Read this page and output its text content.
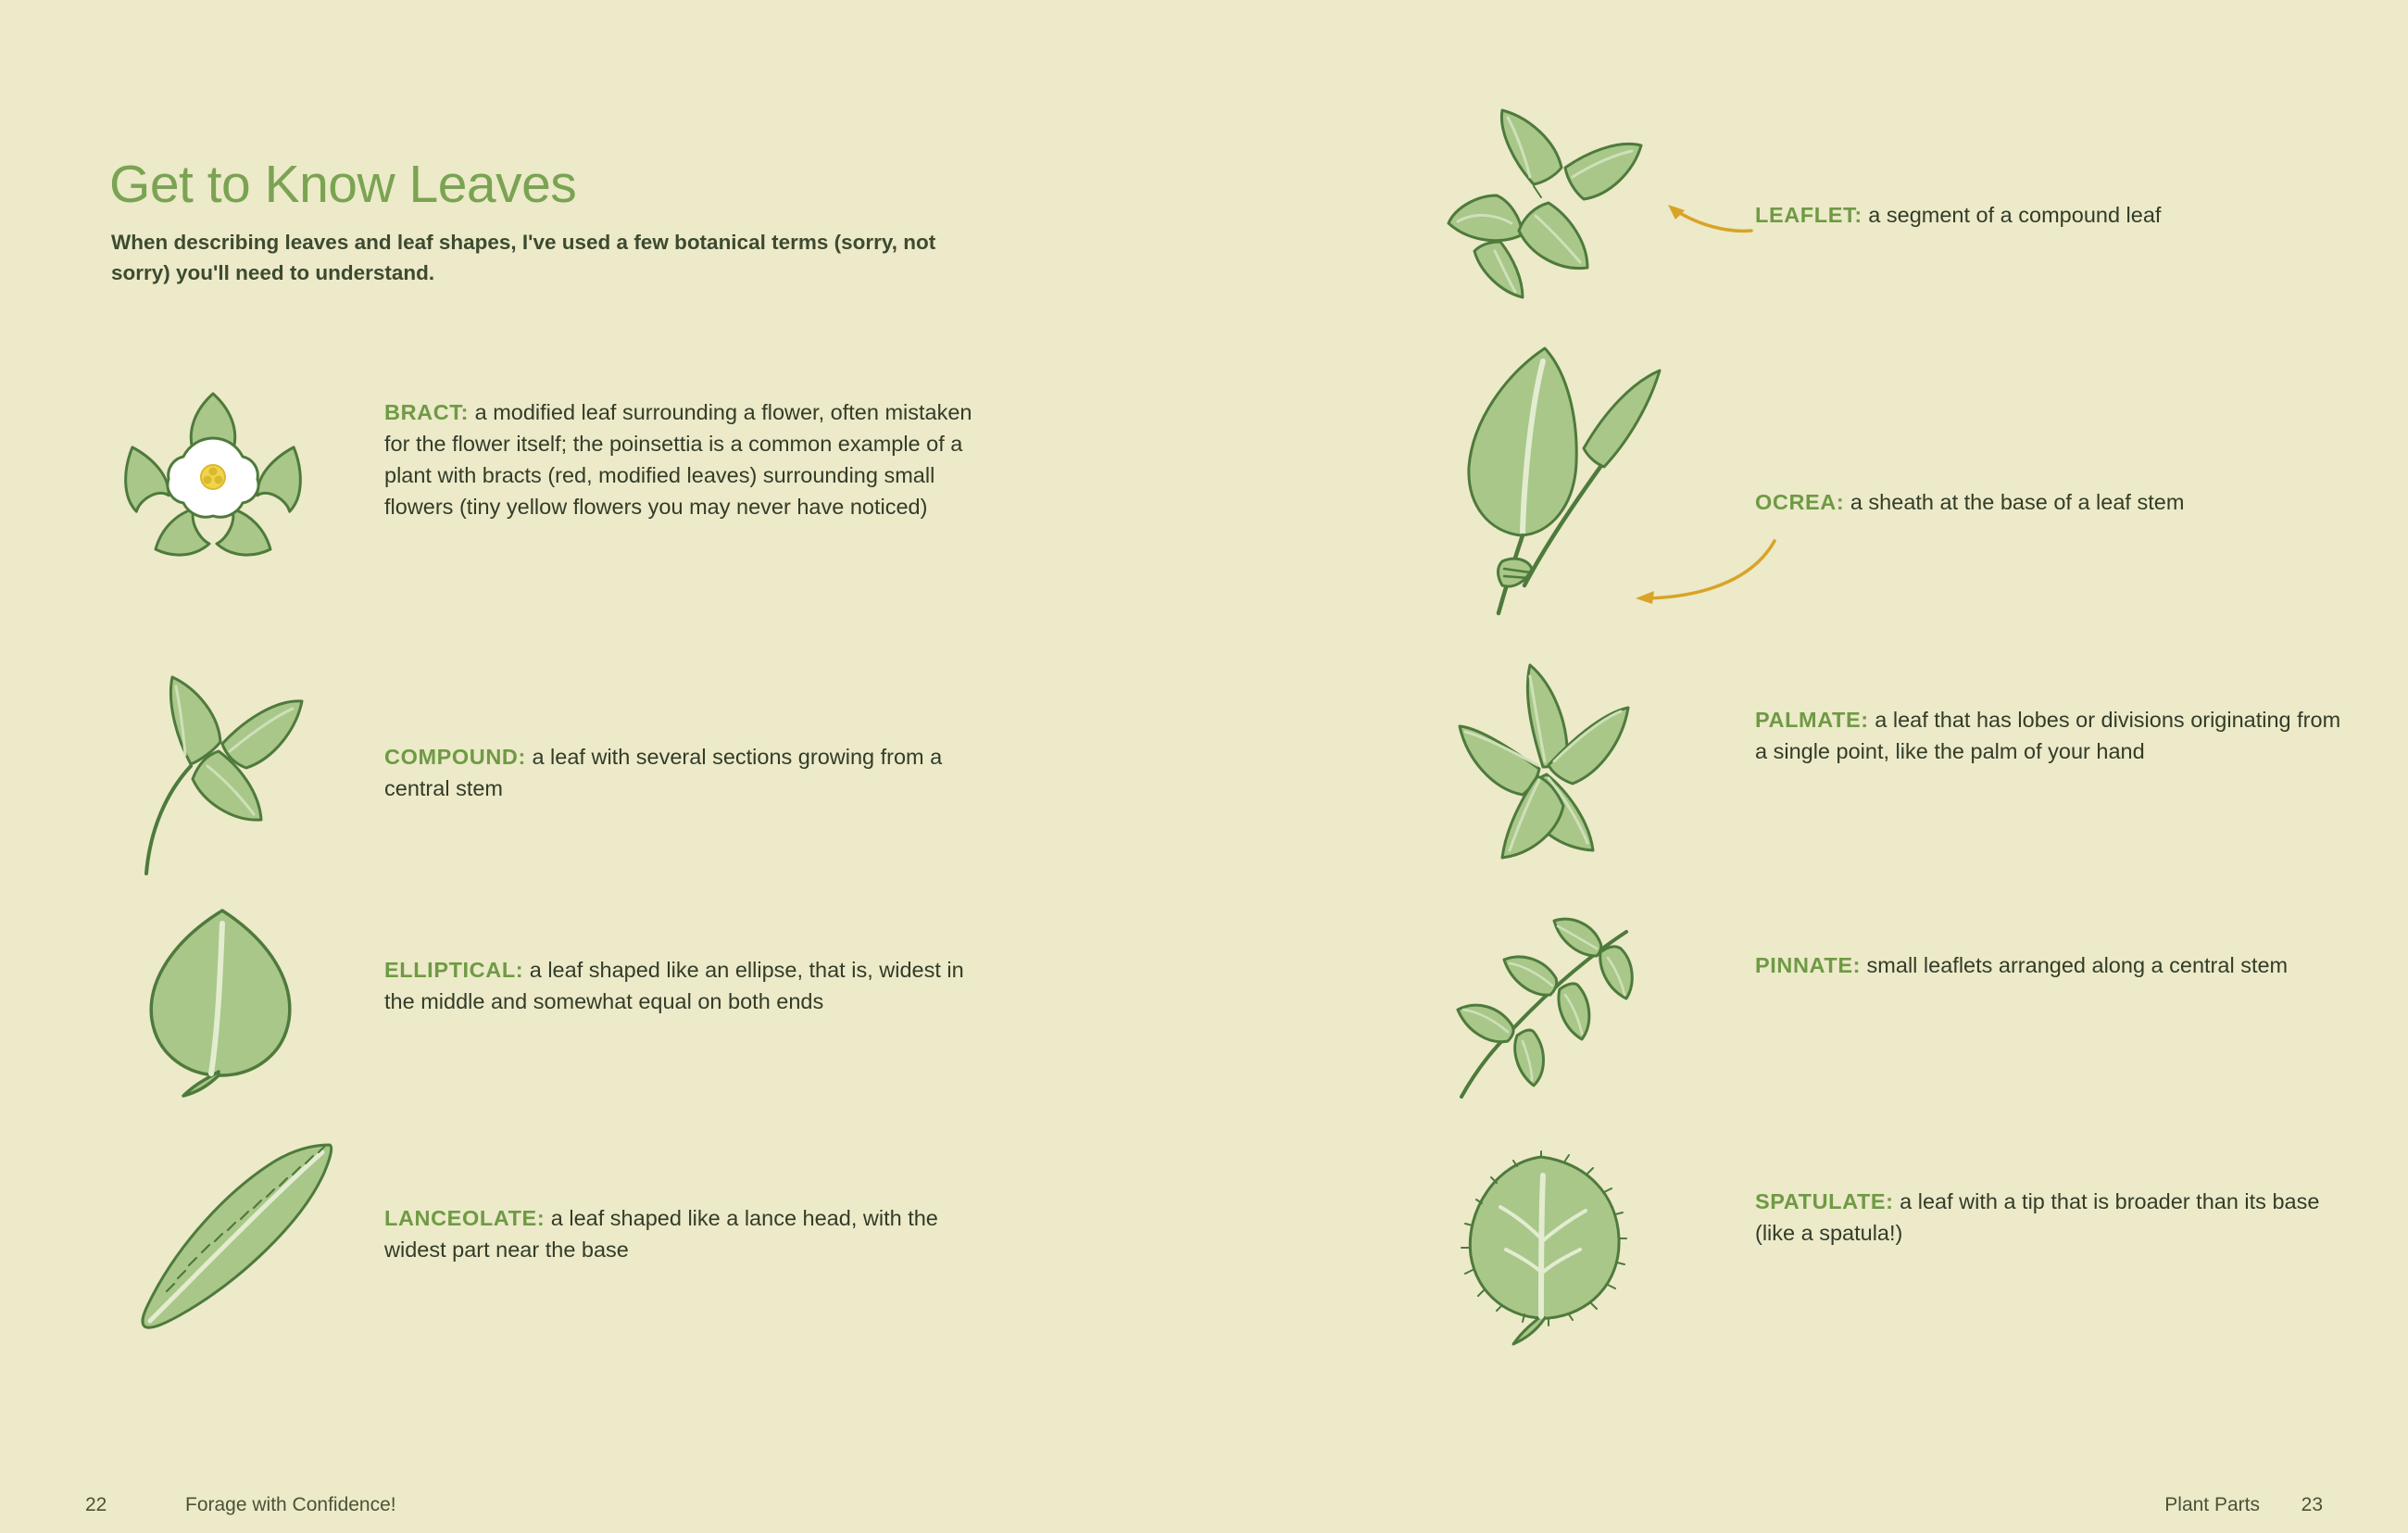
Get to Know Leaves

When describing leaves and leaf shapes, I've used a few botanical terms (sorry, not sorry) you'll need to understand.

BRACT: a modified leaf surrounding a flower, often mistaken for the flower itself; the poinsettia is a common example of a plant with bracts (red, modified leaves) surrounding small flowers (tiny yellow flowers you may never have noticed)
COMPOUND: a leaf with several sections growing from a central stem
ELLIPTICAL: a leaf shaped like an ellipse, that is, widest in the middle and somewhat equal on both ends
LANCEOLATE: a leaf shaped like a lance head, with the widest part near the base
22	Forage with Confidence!
LEAFLET: a segment of a compound leaf
OCREA: a sheath at the base of a leaf stem
PALMATE: a leaf that has lobes or divisions originating from a single point, like the palm of your hand
PINNATE: small leaflets arranged along a central stem
SPATULATE: a leaf with a tip that is broader than its base (like a spatula!)
Plant Parts 23
